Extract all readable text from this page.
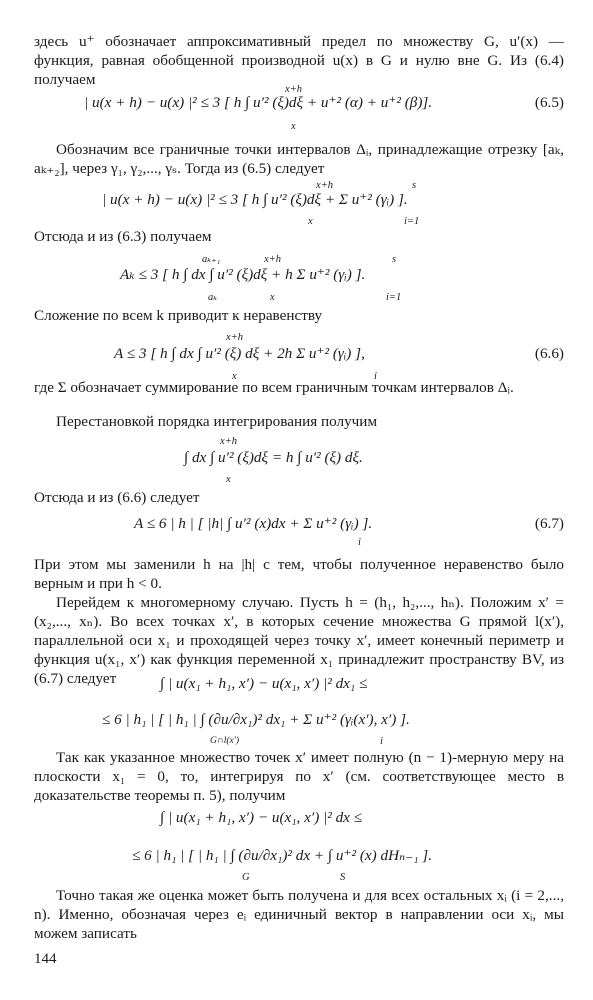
здесь u⁺ обозначает аппроксимативный предел по множеству G, u′(x) — функция, равная обобщенной производной u(x) в G и нулю вне G. Из (6.4) получаем

| u(x + h) − u(x) |² ≤ 3 [ h ∫ u′² (ξ)dξ + u⁺² (α) + u⁺² (β)].	(6.5)
x+h
x

Обозначим все граничные точки интервалов Δᵢ, принадлежащие отрезку [aₖ, aₖ₊₂], через γ₁, γ₂,..., γₛ. Тогда из (6.5) следует

| u(x + h) − u(x) |² ≤ 3 [ h ∫ u′² (ξ)dξ + Σ u⁺² (γᵢ) ].
x+h
x
s
i=1

Отсюда и из (6.3) получаем

Aₖ ≤ 3 [ h ∫ dx ∫ u′² (ξ)dξ + h Σ u⁺² (γᵢ) ].
aₖ₊₁
aₖ
x+h
x
s
i=1

Сложение по всем k приводит к неравенству

A ≤ 3 [ h ∫ dx ∫ u′² (ξ) dξ + 2h Σ u⁺² (γᵢ) ],	(6.6)
x+h
x	i

где Σ обозначает суммирование по всем граничным точкам интервалов Δᵢ.

Перестановкой порядка интегрирования получим

∫ dx ∫ u′² (ξ)dξ = h ∫ u′² (ξ) dξ.
x+h
x

Отсюда и из (6.6) следует

A ≤ 6 | h | [ |h| ∫ u′² (x)dx + Σ u⁺² (γᵢ) ].	(6.7)
i

При этом мы заменили h на |h| с тем, чтобы полученное неравенство было верным и при h < 0.

Перейдем к многомерному случаю. Пусть h = (h₁, h₂,..., hₙ). Положим x′ = (x₂,..., xₙ). Во всех точках x′, в которых сечение множества G прямой l(x′), параллельной оси x₁ и проходящей через точку x′, имеет конечный периметр и функция u(x₁, x′) как функция переменной x₁ принадлежит пространству BV, из (6.7) следует	∫ | u(x₁ + h₁, x′) − u(x₁, x′) |² dx₁ ≤
≤ 6 | h₁ | [ | h₁ | ∫ (∂u/∂x₁)² dx₁ + Σ u⁺² (γᵢ(x′), x′) ].
G∩l(x′)	i

Так как указанное множество точек x′ имеет полную (n − 1)-мерную меру на плоскости x₁ = 0, то, интегрируя по x′ (см. соответствующее место в доказательстве теоремы п. 5), получим

∫ | u(x₁ + h₁, x′) − u(x₁, x′) |² dx ≤
≤ 6 | h₁ | [ | h₁ | ∫ (∂u/∂x₁)² dx + ∫ u⁺² (x) dHₙ₋₁ ].
G	S

Точно такая же оценка может быть получена и для всех остальных xᵢ (i = 2,..., n). Именно, обозначая через eᵢ единичный вектор в направлении оси xᵢ, мы можем записать

144
